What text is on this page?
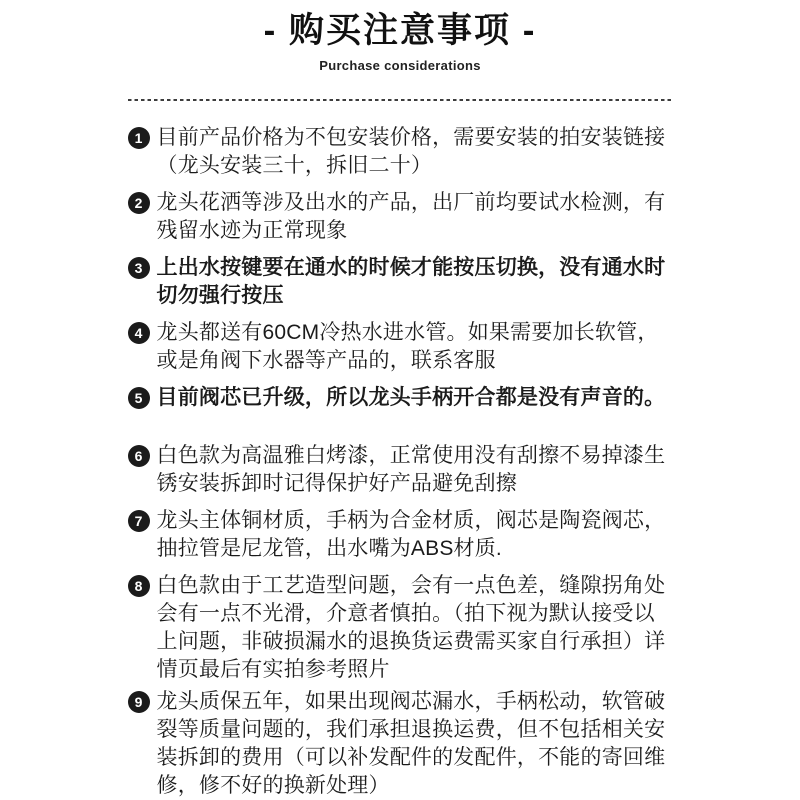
- 购买注意事项 -

Purchase considerations

1 目前产品价格为不包安装价格，需要安装的拍安装链接（龙头安装三十，拆旧二十）

2 龙头花洒等涉及出水的产品，出厂前均要试水检测，有残留水迹为正常现象

3 上出水按键要在通水的时候才能按压切换，没有通水时切勿强行按压

4 龙头都送有60CM冷热水进水管。如果需要加长软管，或是角阀下水器等产品的，联系客服

5 目前阀芯已升级，所以龙头手柄开合都是没有声音的。

6 白色款为高温雅白烤漆，正常使用没有刮擦不易掉漆生锈安装拆卸时记得保护好产品避免刮擦

7 龙头主体铜材质，手柄为合金材质，阀芯是陶瓷阀芯，抽拉管是尼龙管，出水嘴为ABS材质.

8 白色款由于工艺造型问题，会有一点色差，缝隙拐角处会有一点不光滑，介意者慎拍。（拍下视为默认接受以上问题，非破损漏水的退换货运费需买家自行承担）详情页最后有实拍参考照片

9 龙头质保五年，如果出现阀芯漏水，手柄松动，软管破裂等质量问题的，我们承担退换运费，但不包括相关安装拆卸的费用（可以补发配件的发配件，不能的寄回维修，修不好的换新处理）
